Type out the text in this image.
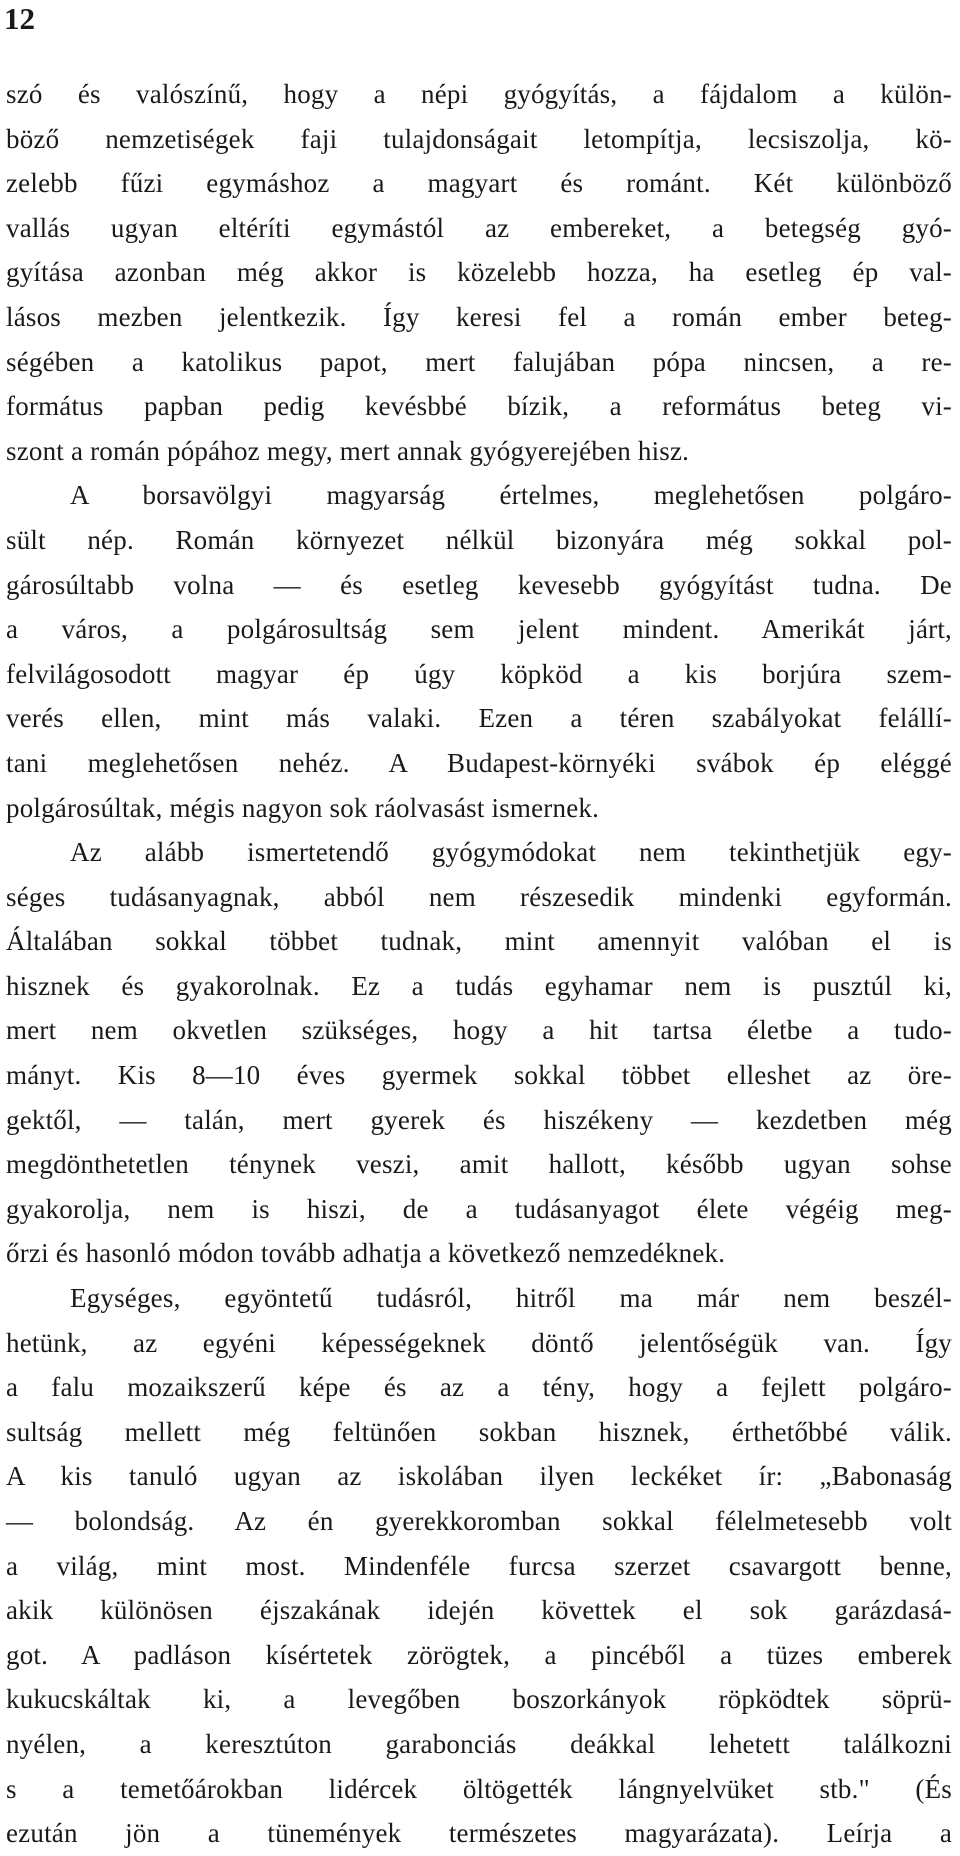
12
szó és valószínű, hogy a népi gyógyítás, a fájdalom a külön-
böző nemzetiségek faji tulajdonságait letompítja, lecsiszolja, kö-
zelebb fűzi egymáshoz a magyart és románt. Két különböző
vallás ugyan eltéríti egymástól az embereket, a betegség gyó-
gyítása azonban még akkor is közelebb hozza, ha esetleg ép val-
lásos mezben jelentkezik. Így keresi fel a román ember beteg-
ségében a katolikus papot, mert falujában pópa nincsen, a re-
formátus papban pedig kevésbbé bízik, a református beteg vi-
szont a román pópához megy, mert annak gyógyerejében hisz.
A borsavölgyi magyarság értelmes, meglehetősen polgáro-
sült nép. Román környezet nélkül bizonyára még sokkal pol-
gárosúltabb volna — és esetleg kevesebb gyógyítást tudna. De
a város, a polgárosultság sem jelent mindent. Amerikát járt,
felvilágosodott magyar ép úgy köpköd a kis borjúra szem-
verés ellen, mint más valaki. Ezen a téren szabályokat felállí-
tani meglehetősen nehéz. A Budapest-környéki svábok ép eléggé
polgárosúltak, mégis nagyon sok ráolvasást ismernek.
Az alább ismertetendő gyógymódokat nem tekinthetjük egy-
séges tudásanyagnak, abból nem részesedik mindenki egyformán.
Általában sokkal többet tudnak, mint amennyit valóban el is
hisznek és gyakorolnak. Ez a tudás egyhamar nem is pusztúl ki,
mert nem okvetlen szükséges, hogy a hit tartsa életbe a tudo-
mányt. Kis 8—10 éves gyermek sokkal többet elleshet az öre-
gektől, — talán, mert gyerek és hiszékeny — kezdetben még
megdönthetetlen ténynek veszi, amit hallott, később ugyan sohse
gyakorolja, nem is hiszi, de a tudásanyagot élete végéig meg-
őrzi és hasonló módon tovább adhatja a következő nemzedéknek.
Egységes, egyöntetű tudásról, hitről ma már nem beszél-
hetünk, az egyéni képességeknek döntő jelentőségük van. Így
a falu mozaikszerű képe és az a tény, hogy a fejlett polgáro-
sultság mellett még feltünően sokban hisznek, érthetőbbé válik.
A kis tanuló ugyan az iskolában ilyen leckéket ír: „Babonaság
— bolondság. Az én gyerekkoromban sokkal félelmetesebb volt
a világ, mint most. Mindenféle furcsa szerzet csavargott benne,
akik különösen éjszakának idején követtek el sok garázdasá-
got. A padláson kísértetek zörögtek, a pincéből a tüzes emberek
kukucskáltak ki, a levegőben boszorkányok röpködtek söprü-
nyélen, a keresztúton garabonciás deákkal lehetett találkozni
s a temetőárokban lidércek öltögették lángnyelvüket stb." (És
ezután jön a tünemények természetes magyarázata). Leírja a
